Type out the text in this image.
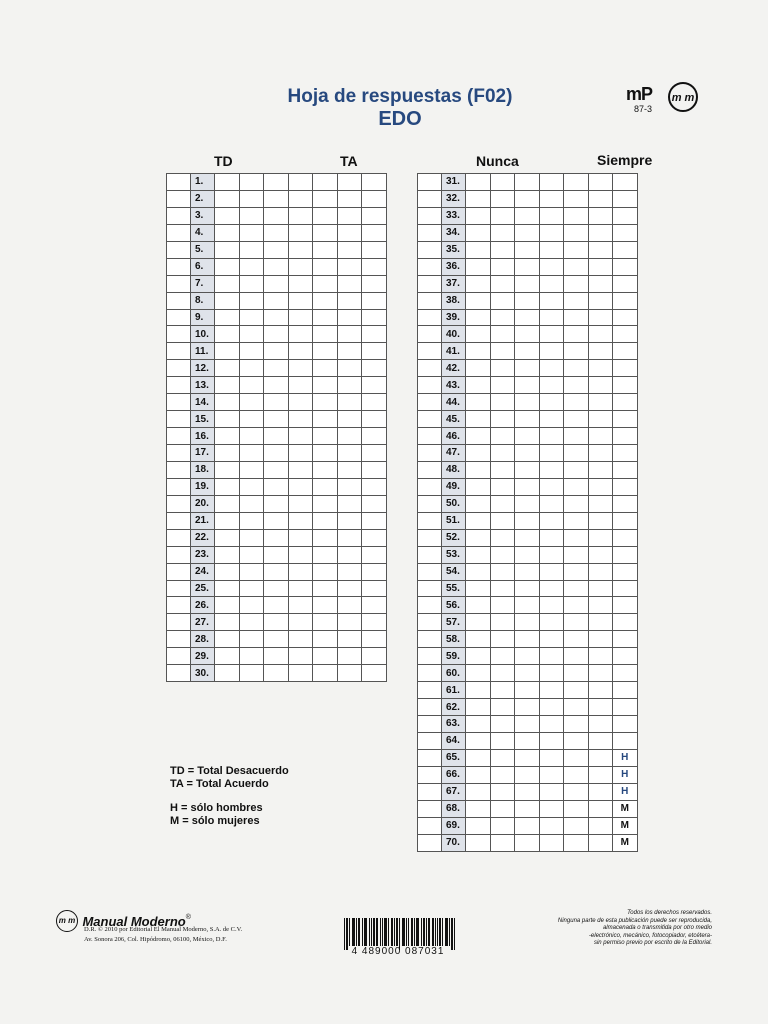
Hoja de respuestas (F02)
EDO
mP
87-3
m m
TD	TA	Nunca	Siempre
	1.							
	2.							
	3.							
	4.							
	5.							
	6.							
	7.							
	8.							
	9.							
	10.							
	11.							
	12.							
	13.							
	14.							
	15.							
	16.							
	17.							
	18.							
	19.							
	20.							
	21.							
	22.							
	23.							
	24.							
	25.							
	26.							
	27.							
	28.							
	29.							
	30.							
	31.							
	32.							
	33.							
	34.							
	35.							
	36.							
	37.							
	38.							
	39.							
	40.							
	41.							
	42.							
	43.							
	44.							
	45.							
	46.							
	47.							
	48.							
	49.							
	50.							
	51.							
	52.							
	53.							
	54.							
	55.							
	56.							
	57.							
	58.							
	59.							
	60.							
	61.							
	62.							
	63.							
	64.							
	65.							H
	66.							H
	67.							H
	68.							M
	69.							M
	70.							M
TD = Total Desacuerdo
TA = Total Acuerdo
H = sólo hombres
M = sólo mujeres
m m Manual Moderno®
D.R. © 2010 por Editorial El Manual Moderno, S.A. de C.V.
Av. Sonora 206, Col. Hipódromo, 06100, México, D.F.
4 489000 087031
Todos los derechos reservados.
Ninguna parte de esta publicación puede ser reproducida,
almacenada o transmitida por otro medio
-electrónico, mecánico, fotocopiador, etcétera-
sin permiso previo por escrito de la Editorial.
